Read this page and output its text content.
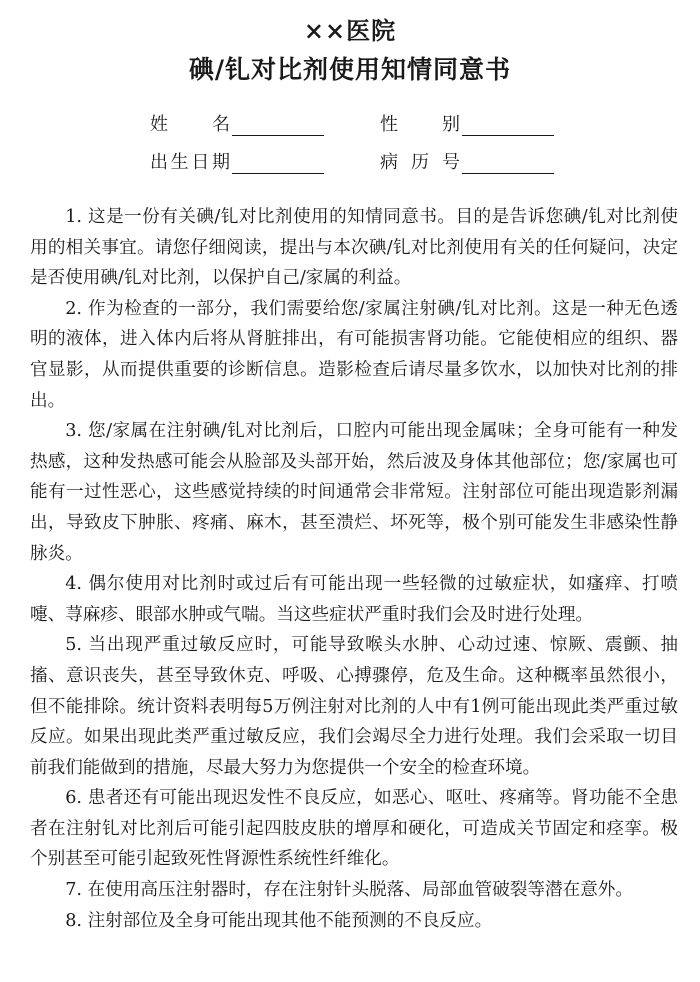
××医院
碘/钆对比剂使用知情同意书
姓　名	性　别
出生日期	病历号

1. 这是一份有关碘/钆对比剂使用的知情同意书。目的是告诉您碘/钆对比剂使用的相关事宜。请您仔细阅读，提出与本次碘/钆对比剂使用有关的任何疑问，决定是否使用碘/钆对比剂，以保护自己/家属的利益。

2. 作为检查的一部分，我们需要给您/家属注射碘/钆对比剂。这是一种无色透明的液体，进入体内后将从肾脏排出，有可能损害肾功能。它能使相应的组织、器官显影，从而提供重要的诊断信息。造影检查后请尽量多饮水，以加快对比剂的排出。

3. 您/家属在注射碘/钆对比剂后，口腔内可能出现金属味；全身可能有一种发热感，这种发热感可能会从脸部及头部开始，然后波及身体其他部位；您/家属也可能有一过性恶心，这些感觉持续的时间通常会非常短。注射部位可能出现造影剂漏出，导致皮下肿胀、疼痛、麻木，甚至溃烂、坏死等，极个别可能发生非感染性静脉炎。

4. 偶尔使用对比剂时或过后有可能出现一些轻微的过敏症状，如瘙痒、打喷嚏、荨麻疹、眼部水肿或气喘。当这些症状严重时我们会及时进行处理。

5. 当出现严重过敏反应时，可能导致喉头水肿、心动过速、惊厥、震颤、抽搐、意识丧失，甚至导致休克、呼吸、心搏骤停，危及生命。这种概率虽然很小，但不能排除。统计资料表明每5万例注射对比剂的人中有1例可能出现此类严重过敏反应。如果出现此类严重过敏反应，我们会竭尽全力进行处理。我们会采取一切目前我们能做到的措施，尽最大努力为您提供一个安全的检查环境。

6. 患者还有可能出现迟发性不良反应，如恶心、呕吐、疼痛等。肾功能不全患者在注射钆对比剂后可能引起四肢皮肤的增厚和硬化，可造成关节固定和痉挛。极个别甚至可能引起致死性肾源性系统性纤维化。

7. 在使用高压注射器时，存在注射针头脱落、局部血管破裂等潜在意外。

8. 注射部位及全身可能出现其他不能预测的不良反应。
